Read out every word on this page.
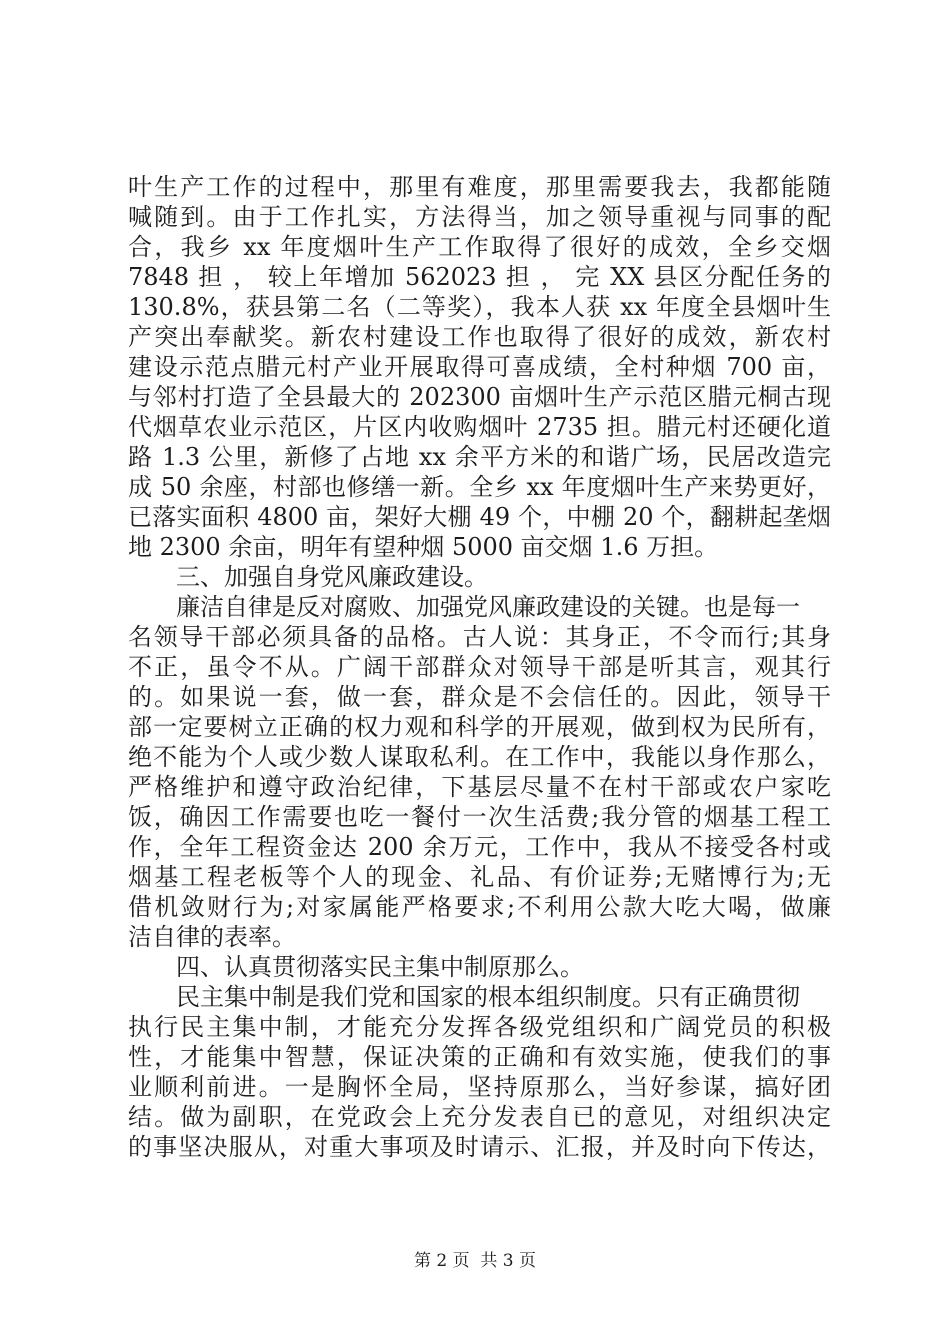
叶生产工作的过程中，那里有难度，那里需要我去，我都能随
喊随到。由于工作扎实，方法得当，加之领导重视与同事的配
合，我乡 xx 年度烟叶生产工作取得了很好的成效，全乡交烟
7848 担 ， 较上年增加 562023 担 ， 完 XX 县区分配任务的
130.8%，获县第二名（二等奖），我本人获 xx 年度全县烟叶生
产突出奉献奖。新农村建设工作也取得了很好的成效，新农村
建设示范点腊元村产业开展取得可喜成绩，全村种烟 700 亩，
与邻村打造了全县最大的 202300 亩烟叶生产示范区腊元桐古现
代烟草农业示范区，片区内收购烟叶 2735 担。腊元村还硬化道
路 1.3 公里，新修了占地 xx 余平方米的和谐广场，民居改造完
成 50 余座，村部也修缮一新。全乡 xx 年度烟叶生产来势更好，
已落实面积 4800 亩，架好大棚 49 个，中棚 20 个，翻耕起垄烟
地 2300 余亩，明年有望种烟 5000 亩交烟 1.6 万担。
三、加强自身党风廉政建设。
廉洁自律是反对腐败、加强党风廉政建设的关键。也是每一
名领导干部必须具备的品格。古人说：其身正，不令而行;其身
不正，虽令不从。广阔干部群众对领导干部是听其言，观其行
的。如果说一套，做一套，群众是不会信任的。因此，领导干
部一定要树立正确的权力观和科学的开展观，做到权为民所有，
绝不能为个人或少数人谋取私利。在工作中，我能以身作那么，
严格维护和遵守政治纪律，下基层尽量不在村干部或农户家吃
饭，确因工作需要也吃一餐付一次生活费;我分管的烟基工程工
作，全年工程资金达 200 余万元，工作中，我从不接受各村或
烟基工程老板等个人的现金、礼品、有价证券;无赌博行为;无
借机敛财行为;对家属能严格要求;不利用公款大吃大喝，做廉
洁自律的表率。
四、认真贯彻落实民主集中制原那么。
民主集中制是我们党和国家的根本组织制度。只有正确贯彻
执行民主集中制，才能充分发挥各级党组织和广阔党员的积极
性，才能集中智慧，保证决策的正确和有效实施，使我们的事
业顺利前进。一是胸怀全局，坚持原那么，当好参谋，搞好团
结。做为副职，在党政会上充分发表自已的意见，对组织决定
的事坚决服从，对重大事项及时请示、汇报，并及时向下传达，
第 2 页  共 3 页
